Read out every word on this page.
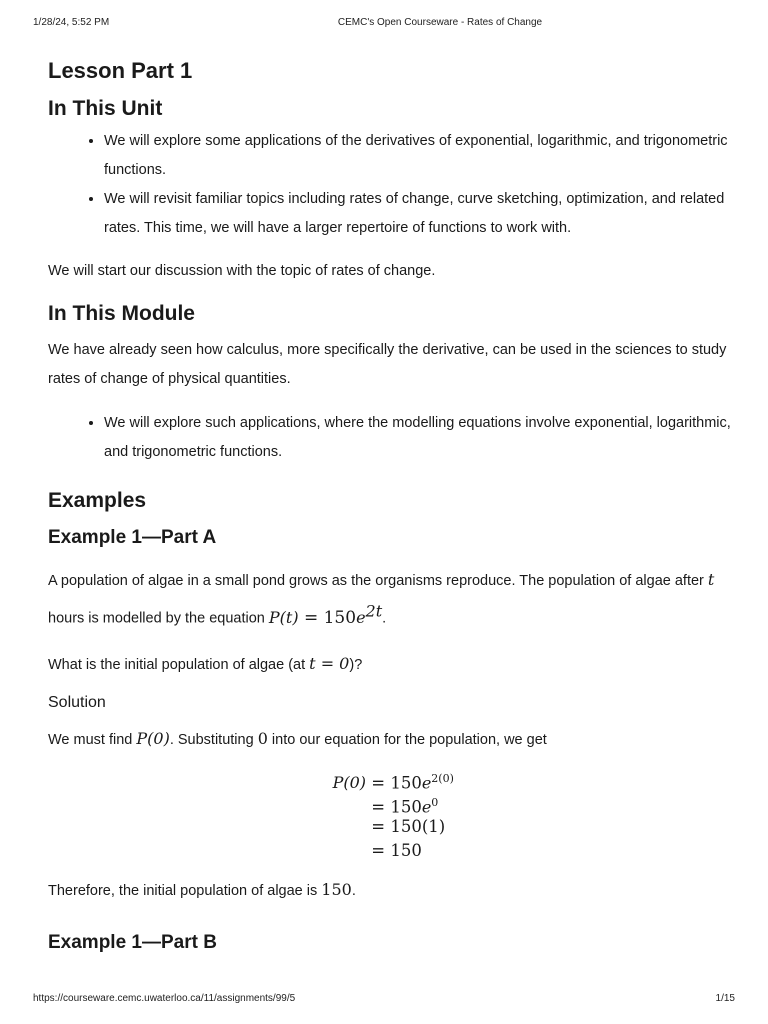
1/28/24, 5:52 PM	CEMC's Open Courseware - Rates of Change
Lesson Part 1
In This Unit
• We will explore some applications of the derivatives of exponential, logarithmic, and trigonometric functions.
• We will revisit familiar topics including rates of change, curve sketching, optimization, and related rates. This time, we will have a larger repertoire of functions to work with.

We will start our discussion with the topic of rates of change.

In This Module

We have already seen how calculus, more specifically the derivative, can be used in the sciences to study rates of change of physical quantities.

• We will explore such applications, where the modelling equations involve exponential, logarithmic, and trigonometric functions.
Examples
Example 1—Part A

A population of algae in a small pond grows as the organisms reproduce. The population of algae after t hours is modelled by the equation $P(t) = 150e^{2t}$.

What is the initial population of algae (at t = 0)?

Solution

We must find P(0). Substituting 0 into our equation for the population, we get

$P(0) = 150e^{2(0)}$
= $150e^0$
= 150(1)
= 150

Therefore, the initial population of algae is 150.

Example 1—Part B
https://courseware.cemc.uwaterloo.ca/11/assignments/99/5	1/15
